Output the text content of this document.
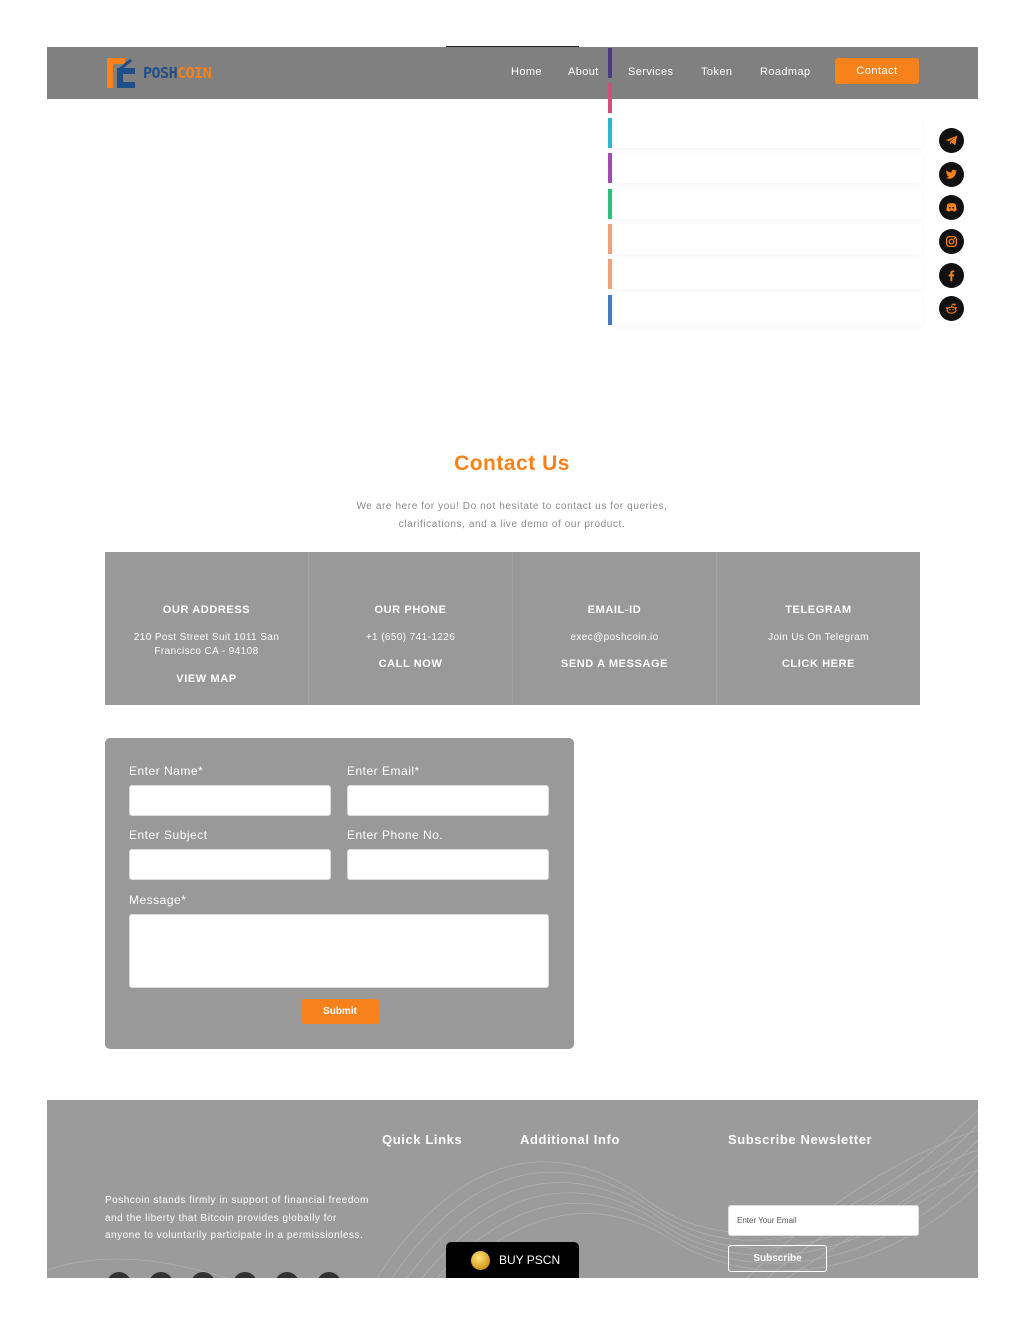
POSHCOIN	Home About	Services	Token	Roadmap	Contact
Contact Us
We are here for you! Do not hesitate to contact us for queries, clarifications, and a live demo of our product.
OUR ADDRESS
210 Post Street Suit 1011 San Francisco CA - 94108
VIEW MAP
OUR PHONE
+1 (650) 741-1226
CALL NOW
EMAIL-ID
exec@poshcoin.io
SEND A MESSAGE
TELEGRAM
Join Us On Telegram
CLICK HERE
Enter Name*	Enter Email*
Enter Subject	Enter Phone No.
Message*
Submit
Quick Links	Additional Info	Subscribe Newsletter
Poshcoin stands firmly in support of financial freedom and the liberty that Bitcoin provides globally for anyone to voluntarily participate in a permissionless.
Enter Your Email
Subscribe
BUY PSCN
